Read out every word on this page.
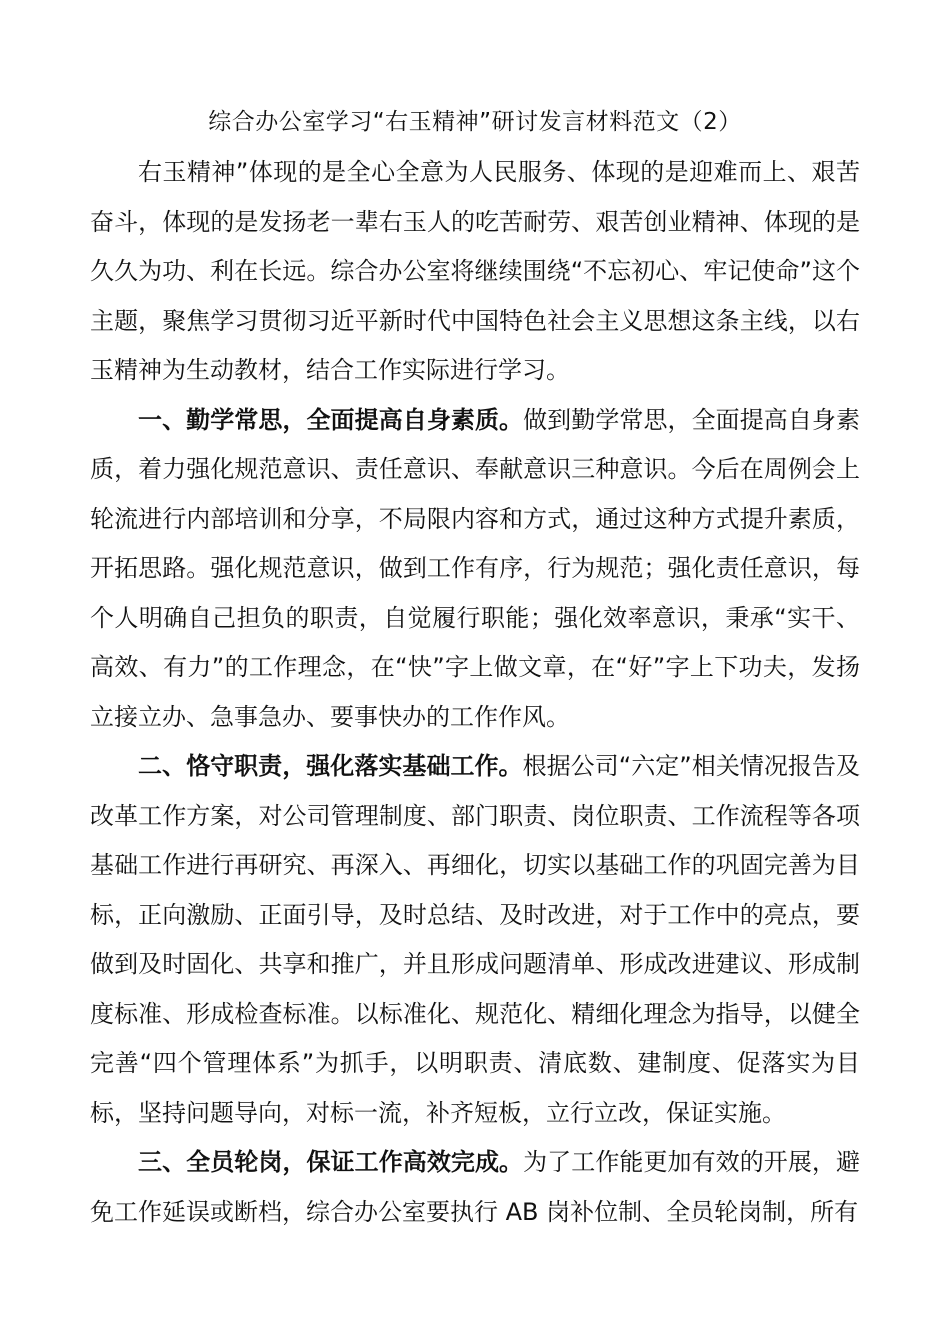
综合办公室学习“右玉精神”研讨发言材料范文（2）

右玉精神”体现的是全心全意为人民服务、体现的是迎难而上、艰苦奋斗，体现的是发扬老一辈右玉人的吃苦耐劳、艰苦创业精神、体现的是久久为功、利在长远。综合办公室将继续围绕“不忘初心、牢记使命”这个主题，聚焦学习贯彻习近平新时代中国特色社会主义思想这条主线，以右玉精神为生动教材，结合工作实际进行学习。

一、勤学常思，全面提高自身素质。做到勤学常思，全面提高自身素质，着力强化规范意识、责任意识、奉献意识三种意识。今后在周例会上轮流进行内部培训和分享，不局限内容和方式，通过这种方式提升素质，开拓思路。强化规范意识，做到工作有序，行为规范；强化责任意识，每个人明确自己担负的职责，自觉履行职能；强化效率意识，秉承“实干、高效、有力”的工作理念，在“快”字上做文章，在“好”字上下功夫，发扬立接立办、急事急办、要事快办的工作作风。

二、恪守职责，强化落实基础工作。根据公司“六定”相关情况报告及改革工作方案，对公司管理制度、部门职责、岗位职责、工作流程等各项基础工作进行再研究、再深入、再细化，切实以基础工作的巩固完善为目标，正向激励、正面引导，及时总结、及时改进，对于工作中的亮点，要做到及时固化、共享和推广，并且形成问题清单、形成改进建议、形成制度标准、形成检查标准。以标准化、规范化、精细化理念为指导，以健全完善“四个管理体系”为抓手，以明职责、清底数、建制度、促落实为目标，坚持问题导向，对标一流，补齐短板，立行立改，保证实施。

三、全员轮岗，保证工作高效完成。为了工作能更加有效的开展，避免工作延误或断档，综合办公室要执行 AB 岗补位制、全员轮岗制，所有
